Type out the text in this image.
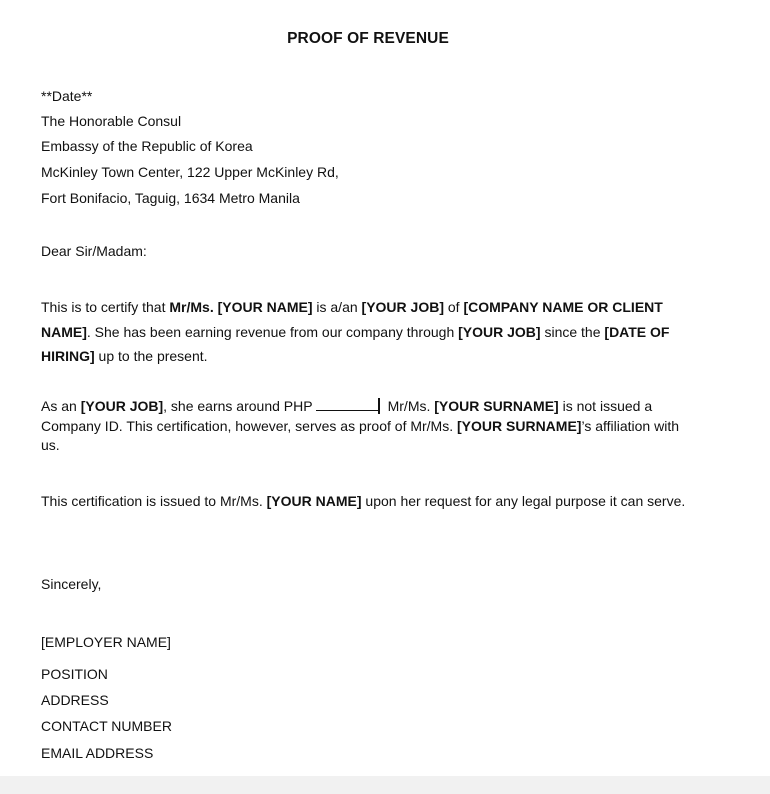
PROOF OF REVENUE
**Date**
The Honorable Consul
Embassy of the Republic of Korea
McKinley Town Center, 122 Upper McKinley Rd,
Fort Bonifacio, Taguig, 1634 Metro Manila
Dear Sir/Madam:
This is to certify that Mr/Ms. [YOUR NAME] is a/an [YOUR JOB] of [COMPANY NAME OR CLIENT NAME]. She has been earning revenue from our company through [YOUR JOB] since the [DATE OF HIRING] up to the present.
As an [YOUR JOB], she earns around PHP	Mr/Ms. [YOUR SURNAME] is not issued a Company ID. This certification, however, serves as proof of Mr/Ms. [YOUR SURNAME]’s affiliation with us.
This certification is issued to Mr/Ms. [YOUR NAME] upon her request for any legal purpose it can serve.
Sincerely,
[EMPLOYER NAME]
POSITION
ADDRESS
CONTACT NUMBER
EMAIL ADDRESS
